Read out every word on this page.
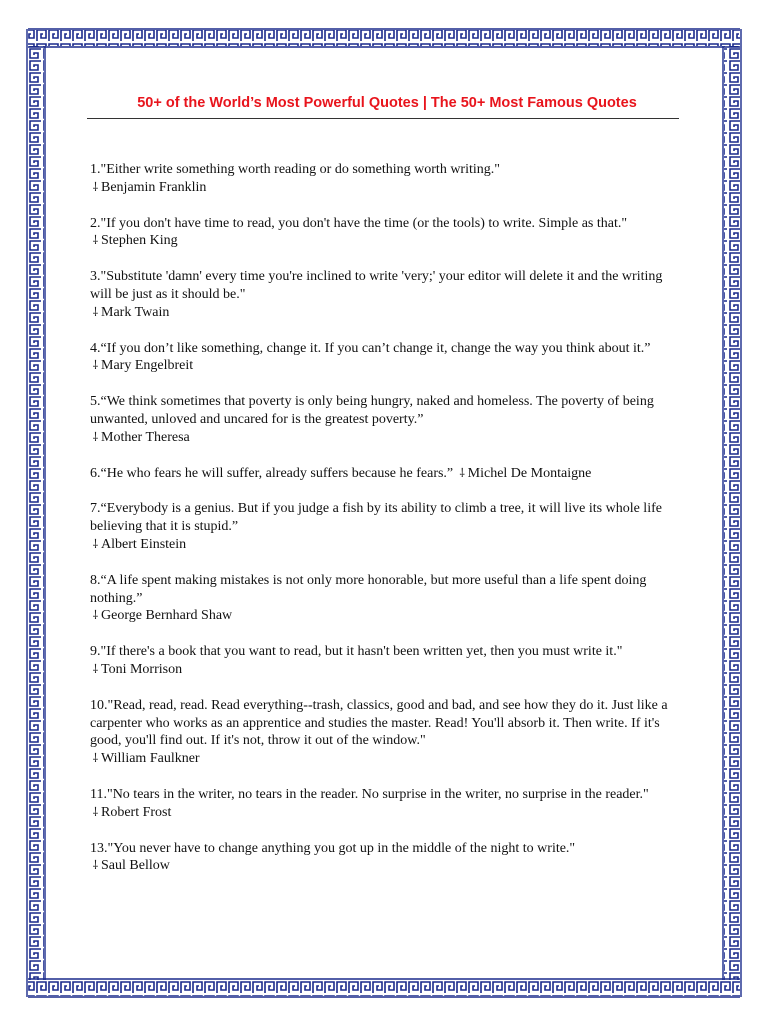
50+ of the World’s Most Powerful Quotes | The 50+ Most Famous Quotes
1."Either write something worth reading or do something worth writing."
⸸ Benjamin Franklin
2."If you don't have time to read, you don't have the time (or the tools) to write. Simple as that."
⸸ Stephen King
3."Substitute 'damn' every time you're inclined to write 'very;' your editor will delete it and the writing will be just as it should be."
⸸ Mark Twain
4.“If you don’t like something, change it. If you can’t change it, change the way you think about it.”
⸸ Mary Engelbreit
5.“We think sometimes that poverty is only being hungry, naked and homeless. The poverty of being unwanted, unloved and uncared for is the greatest poverty.”
⸸ Mother Theresa
6.“He who fears he will suffer, already suffers because he fears.” ⸸ Michel De Montaigne
7.“Everybody is a genius. But if you judge a fish by its ability to climb a tree, it will live its whole life believing that it is stupid.”
⸸ Albert Einstein
8.“A life spent making mistakes is not only more honorable, but more useful than a life spent doing nothing.”
⸸ George Bernhard Shaw
9."If there's a book that you want to read, but it hasn't been written yet, then you must write it."
⸸ Toni Morrison
10."Read, read, read. Read everything--trash, classics, good and bad, and see how they do it. Just like a carpenter who works as an apprentice and studies the master. Read! You'll absorb it. Then write. If it's good, you'll find out. If it's not, throw it out of the window."
⸸ William Faulkner
11."No tears in the writer, no tears in the reader. No surprise in the writer, no surprise in the reader."
⸸ Robert Frost
13."You never have to change anything you got up in the middle of the night to write."
⸸ Saul Bellow
